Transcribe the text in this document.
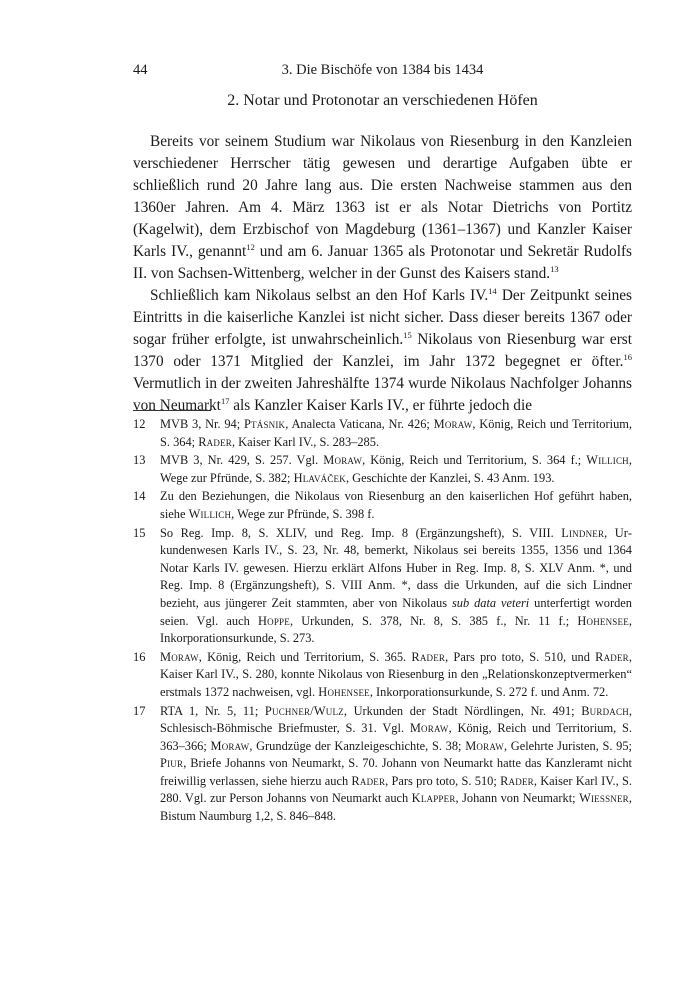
44	3. Die Bischöfe von 1384 bis 1434
2. Notar und Protonotar an verschiedenen Höfen

Bereits vor seinem Studium war Nikolaus von Riesenburg in den Kanzleien verschiedener Herrscher tätig gewesen und derartige Aufgaben übte er schließlich rund 20 Jahre lang aus. Die ersten Nachweise stammen aus den 1360er Jahren. Am 4. März 1363 ist er als Notar Dietrichs von Portitz (Kagelwit), dem Erzbischof von Magdeburg (1361–1367) und Kanzler Kaiser Karls IV., genannt$^{12}$ und am 6. Januar 1365 als Protonotar und Sekretär Rudolfs II. von Sachsen-Wittenberg, welcher in der Gunst des Kaisers stand.$^{13}$

Schließlich kam Nikolaus selbst an den Hof Karls IV.$^{14}$ Der Zeitpunkt seines Eintritts in die kaiserliche Kanzlei ist nicht sicher. Dass dieser bereits 1367 oder sogar früher erfolgte, ist unwahrscheinlich.$^{15}$ Nikolaus von Riesenburg war erst 1370 oder 1371 Mitglied der Kanzlei, im Jahr 1372 begegnet er öfter.$^{16}$ Vermutlich in der zweiten Jahreshälfte 1374 wurde Nikolaus Nachfolger Johanns von Neumarkt$^{17}$ als Kanzler Kaiser Karls IV., er führte jedoch die

12	MVB 3, Nr. 94; Ptásnik, Analecta Vaticana, Nr. 426; Moraw, König, Reich und Territorium, S. 364; Rader, Kaiser Karl IV., S. 283–285.
13	MVB 3, Nr. 429, S. 257. Vgl. Moraw, König, Reich und Territorium, S. 364 f.; Willich, Wege zur Pfründe, S. 382; Hlaváček, Geschichte der Kanzlei, S. 43 Anm. 193.
14	Zu den Beziehungen, die Nikolaus von Riesenburg an den kaiserlichen Hof geführt haben, siehe Willich, Wege zur Pfründe, S. 398 f.
15	So Reg. Imp. 8, S. XLIV, und Reg. Imp. 8 (Ergänzungsheft), S. VIII. Lindner, Urkundenwesen Karls IV., S. 23, Nr. 48, bemerkt, Nikolaus sei bereits 1355, 1356 und 1364 Notar Karls IV. gewesen. Hierzu erklärt Alfons Huber in Reg. Imp. 8, S. XLV Anm. *, und Reg. Imp. 8 (Ergänzungsheft), S. VIII Anm. *, dass die Urkunden, auf die sich Lindner bezieht, aus jüngerer Zeit stammten, aber von Nikolaus sub data veteri unterfertigt worden seien. Vgl. auch Hoppe, Urkunden, S. 378, Nr. 8, S. 385 f., Nr. 11 f.; Hohensee, Inkorporationsurkunde, S. 273.
16	Moraw, König, Reich und Territorium, S. 365. Rader, Pars pro toto, S. 510, und Rader, Kaiser Karl IV., S. 280, konnte Nikolaus von Riesenburg in den „Relationskonzeptvermerken“ erstmals 1372 nachweisen, vgl. Hohensee, Inkorporationsurkunde, S. 272 f. und Anm. 72.
17	RTA 1, Nr. 5, 11; Puchner/Wulz, Urkunden der Stadt Nördlingen, Nr. 491; Burdach, Schlesisch-Böhmische Briefmuster, S. 31. Vgl. Moraw, König, Reich und Territorium, S. 363–366; Moraw, Grundzüge der Kanzleigeschichte, S. 38; Moraw, Gelehrte Juristen, S. 95; Piur, Briefe Johanns von Neumarkt, S. 70. Johann von Neumarkt hatte das Kanzleramt nicht freiwillig verlassen, siehe hierzu auch Rader, Pars pro toto, S. 510; Rader, Kaiser Karl IV., S. 280. Vgl. zur Person Johanns von Neumarkt auch Klapper, Johann von Neumarkt; Wiessner, Bistum Naumburg 1,2, S. 846–848.
